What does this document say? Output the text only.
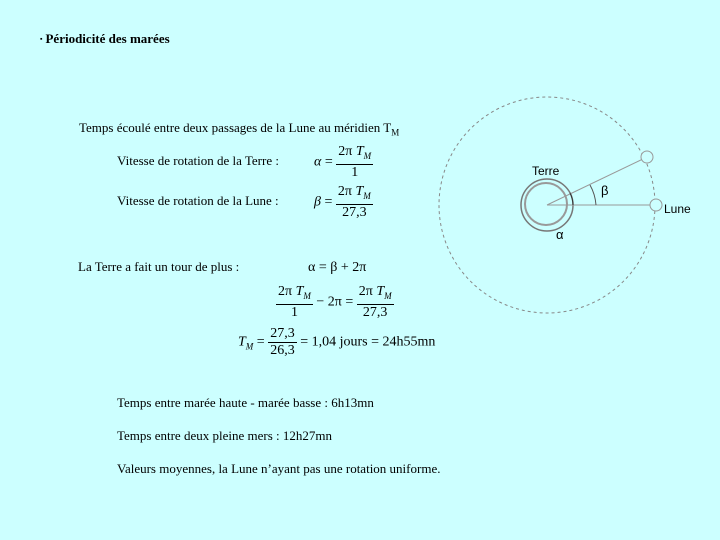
▪ Périodicité des marées
Temps écoulé entre deux passages de la Lune au méridien $T_M$
Vitesse de rotation de la Terre :	$\alpha = \frac{2\pi T_M}{1}$
Vitesse de rotation de la Lune :	$\beta = \frac{2\pi T_M}{27,3}$
La Terre a fait un tour de plus :	α = β + 2π
$\frac{2\pi T_M}{1} - 2\pi = \frac{2\pi T_M}{27,3}$
$T_M = \frac{27,3}{26,3} = 1,04$ jours = 24h55mn
Temps entre marée haute - marée basse : 6h13mn
Temps entre deux pleine mers : 12h27mn
Valeurs moyennes, la Lune n’ayant pas une rotation uniforme.
Terre
Lune
β
α
